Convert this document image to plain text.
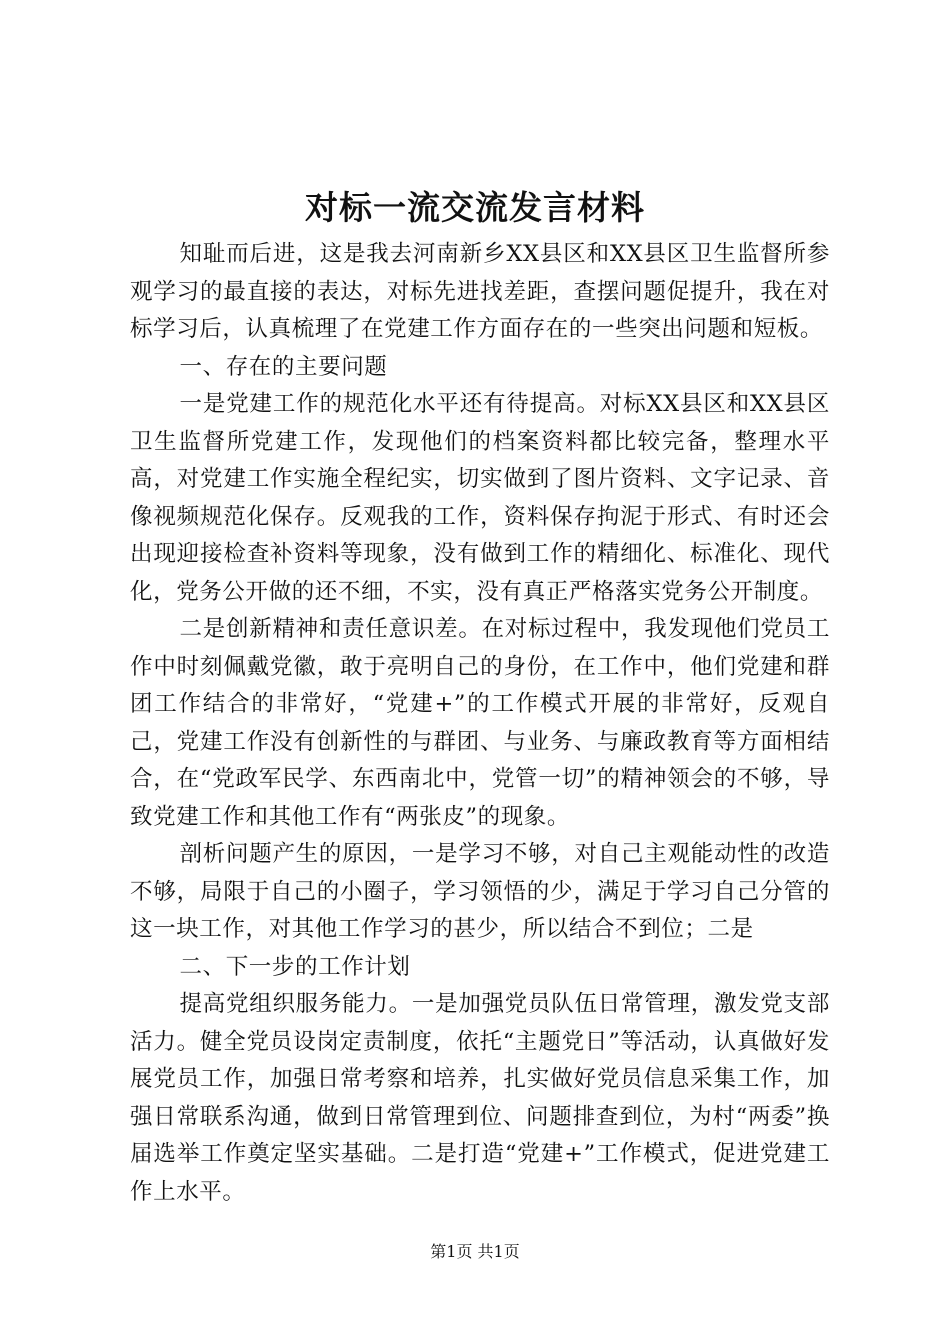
对标一流交流发言材料

知耻而后进，这是我去河南新乡XX县区和XX县区卫生监督所参观学习的最直接的表达，对标先进找差距，查摆问题促提升，我在对标学习后，认真梳理了在党建工作方面存在的一些突出问题和短板。

一、存在的主要问题

一是党建工作的规范化水平还有待提高。对标XX县区和XX县区卫生监督所党建工作，发现他们的档案资料都比较完备，整理水平高，对党建工作实施全程纪实，切实做到了图片资料、文字记录、音像视频规范化保存。反观我的工作，资料保存拘泥于形式、有时还会出现迎接检查补资料等现象，没有做到工作的精细化、标准化、现代化，党务公开做的还不细，不实，没有真正严格落实党务公开制度。

二是创新精神和责任意识差。在对标过程中，我发现他们党员工作中时刻佩戴党徽，敢于亮明自己的身份，在工作中，他们党建和群团工作结合的非常好，“党建+”的工作模式开展的非常好，反观自己，党建工作没有创新性的与群团、与业务、与廉政教育等方面相结合，在“党政军民学、东西南北中，党管一切”的精神领会的不够，导致党建工作和其他工作有“两张皮”的现象。

剖析问题产生的原因，一是学习不够，对自己主观能动性的改造不够，局限于自己的小圈子，学习领悟的少，满足于学习自己分管的这一块工作，对其他工作学习的甚少，所以结合不到位；二是

二、下一步的工作计划

提高党组织服务能力。一是加强党员队伍日常管理，激发党支部活力。健全党员设岗定责制度，依托“主题党日”等活动，认真做好发展党员工作，加强日常考察和培养，扎实做好党员信息采集工作，加强日常联系沟通，做到日常管理到位、问题排查到位，为村“两委”换届选举工作奠定坚实基础。二是打造“党建+”工作模式，促进党建工作上水平。

第1页 共1页
